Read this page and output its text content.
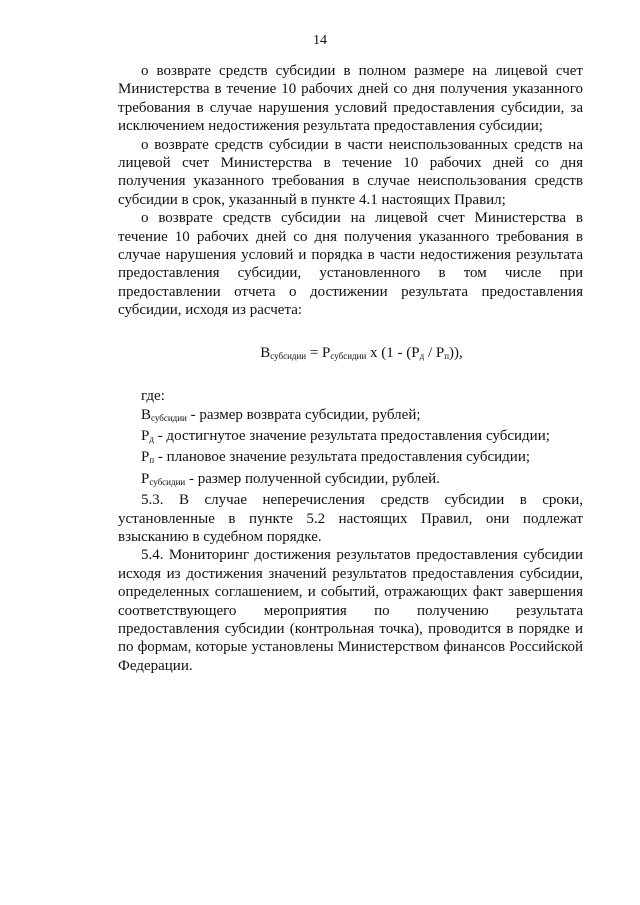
14

о возврате средств субсидии в полном размере на лицевой счет Министерства в течение 10 рабочих дней со дня получения указанного требования в случае нарушения условий предоставления субсидии, за исключением недостижения результата предоставления субсидии;

о возврате средств субсидии в части неиспользованных средств на лицевой счет Министерства в течение 10 рабочих дней со дня получения указанного требования в случае неиспользования средств субсидии в срок, указанный в пункте 4.1 настоящих Правил;

о возврате средств субсидии на лицевой счет Министерства в течение 10 рабочих дней со дня получения указанного требования в случае нарушения условий и порядка в части недостижения результата предоставления субсидии, установленного в том числе при предоставлении отчета о достижении результата предоставления субсидии, исходя из расчета:

$В_{субсидии} = Р_{субсидии}$ х $(1 - (Р_д / Р_п))$,

где:

$В_{субсидии}$ - размер возврата субсидии, рублей;

$Р_д$ - достигнутое значение результата предоставления субсидии;

$Р_п$ - плановое значение результата предоставления субсидии;

$Р_{субсидии}$ - размер полученной субсидии, рублей.

5.3. В случае неперечисления средств субсидии в сроки, установленные в пункте 5.2 настоящих Правил, они подлежат взысканию в судебном порядке.

5.4. Мониторинг достижения результатов предоставления субсидии исходя из достижения значений результатов предоставления субсидии, определенных соглашением, и событий, отражающих факт завершения соответствующего мероприятия по получению результата предоставления субсидии (контрольная точка), проводится в порядке и по формам, которые установлены Министерством финансов Российской Федерации.
